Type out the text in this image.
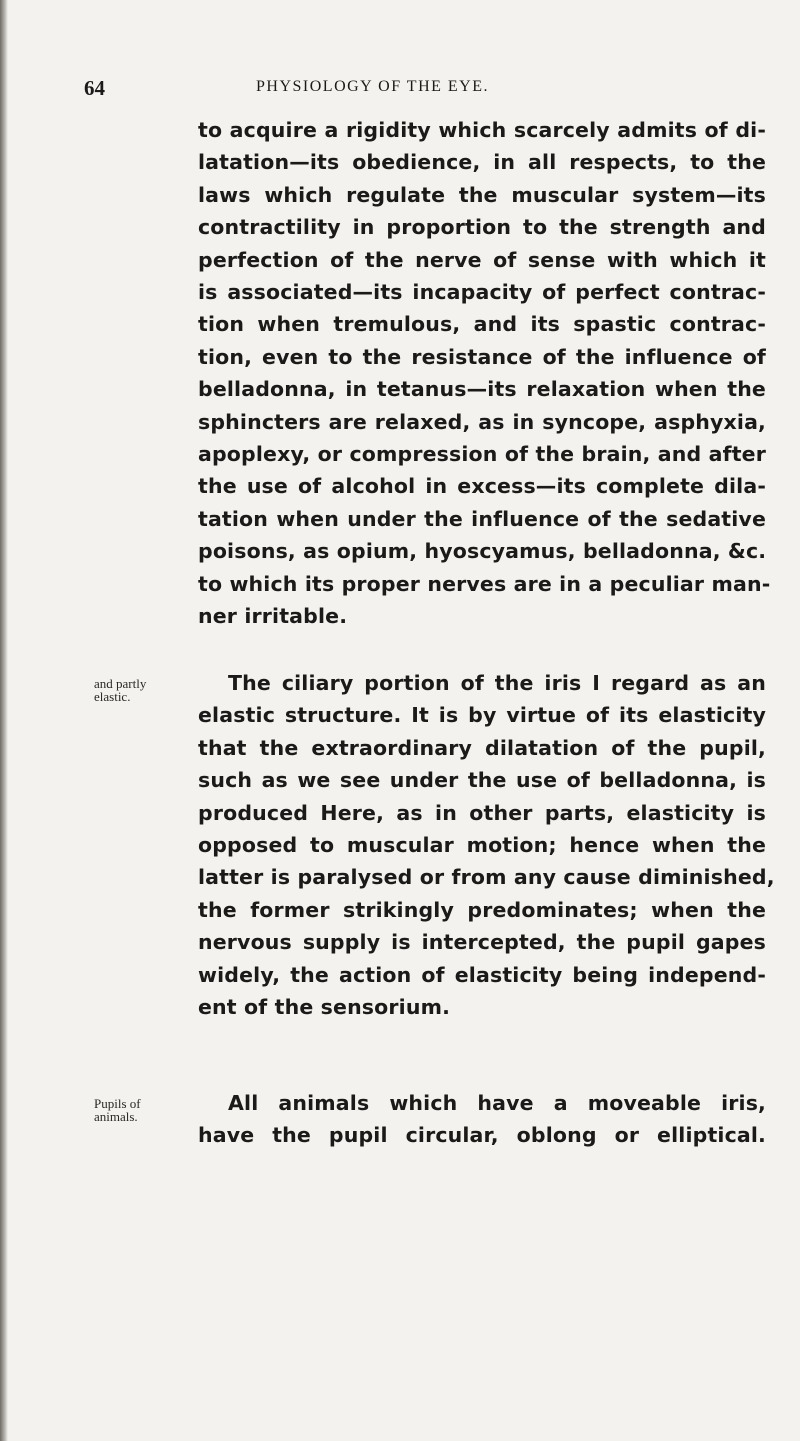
64	PHYSIOLOGY OF THE EYE.
and partly
elastic.
Pupils of
animals.
to acquire a rigidity which scarcely admits of di-
latation—its obedience, in all respects, to the
laws which regulate the muscular system—its
contractility in proportion to the strength and
perfection of the nerve of sense with which it
is associated—its incapacity of perfect contrac-
tion when tremulous, and its spastic contrac-
tion, even to the resistance of the influence of
belladonna, in tetanus—its relaxation when the
sphincters are relaxed, as in syncope, asphyxia,
apoplexy, or compression of the brain, and after
the use of alcohol in excess—its complete dila-
tation when under the influence of the sedative
poisons, as opium, hyoscyamus, belladonna, &c.
to which its proper nerves are in a peculiar man-
ner irritable.
The ciliary portion of the iris I regard as an
elastic structure. It is by virtue of its elasticity
that the extraordinary dilatation of the pupil,
such as we see under the use of belladonna, is
produced Here, as in other parts, elasticity is
opposed to muscular motion; hence when the
latter is paralysed or from any cause diminished,
the former strikingly predominates; when the
nervous supply is intercepted, the pupil gapes
widely, the action of elasticity being independ-
ent of the sensorium.
All animals which have a moveable iris,
have the pupil circular, oblong or elliptical.
